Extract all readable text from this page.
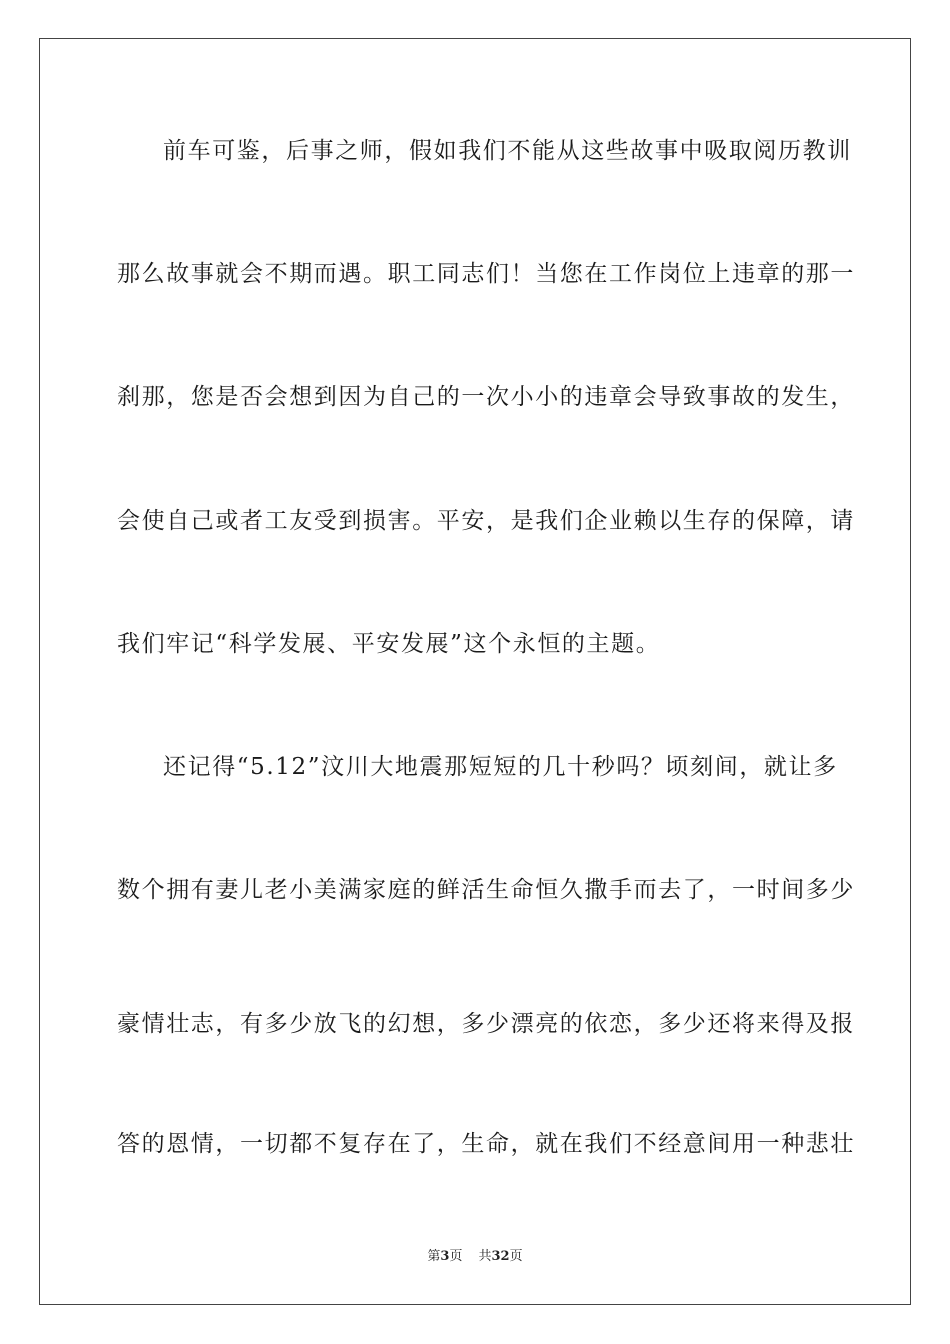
前车可鉴，后事之师，假如我们不能从这些故事中吸取阅历教训
那么故事就会不期而遇。职工同志们！当您在工作岗位上违章的那一
刹那，您是否会想到因为自己的一次小小的违章会导致事故的发生，
会使自己或者工友受到损害。平安，是我们企业赖以生存的保障，请
我们牢记“科学发展、平安发展”这个永恒的主题。
还记得“5.12”汶川大地震那短短的几十秒吗？顷刻间，就让多
数个拥有妻儿老小美满家庭的鲜活生命恒久撒手而去了，一时间多少
豪情壮志，有多少放飞的幻想，多少漂亮的依恋，多少还将来得及报
答的恩情，一切都不复存在了，生命，就在我们不经意间用一种悲壮
第3页 共32页
